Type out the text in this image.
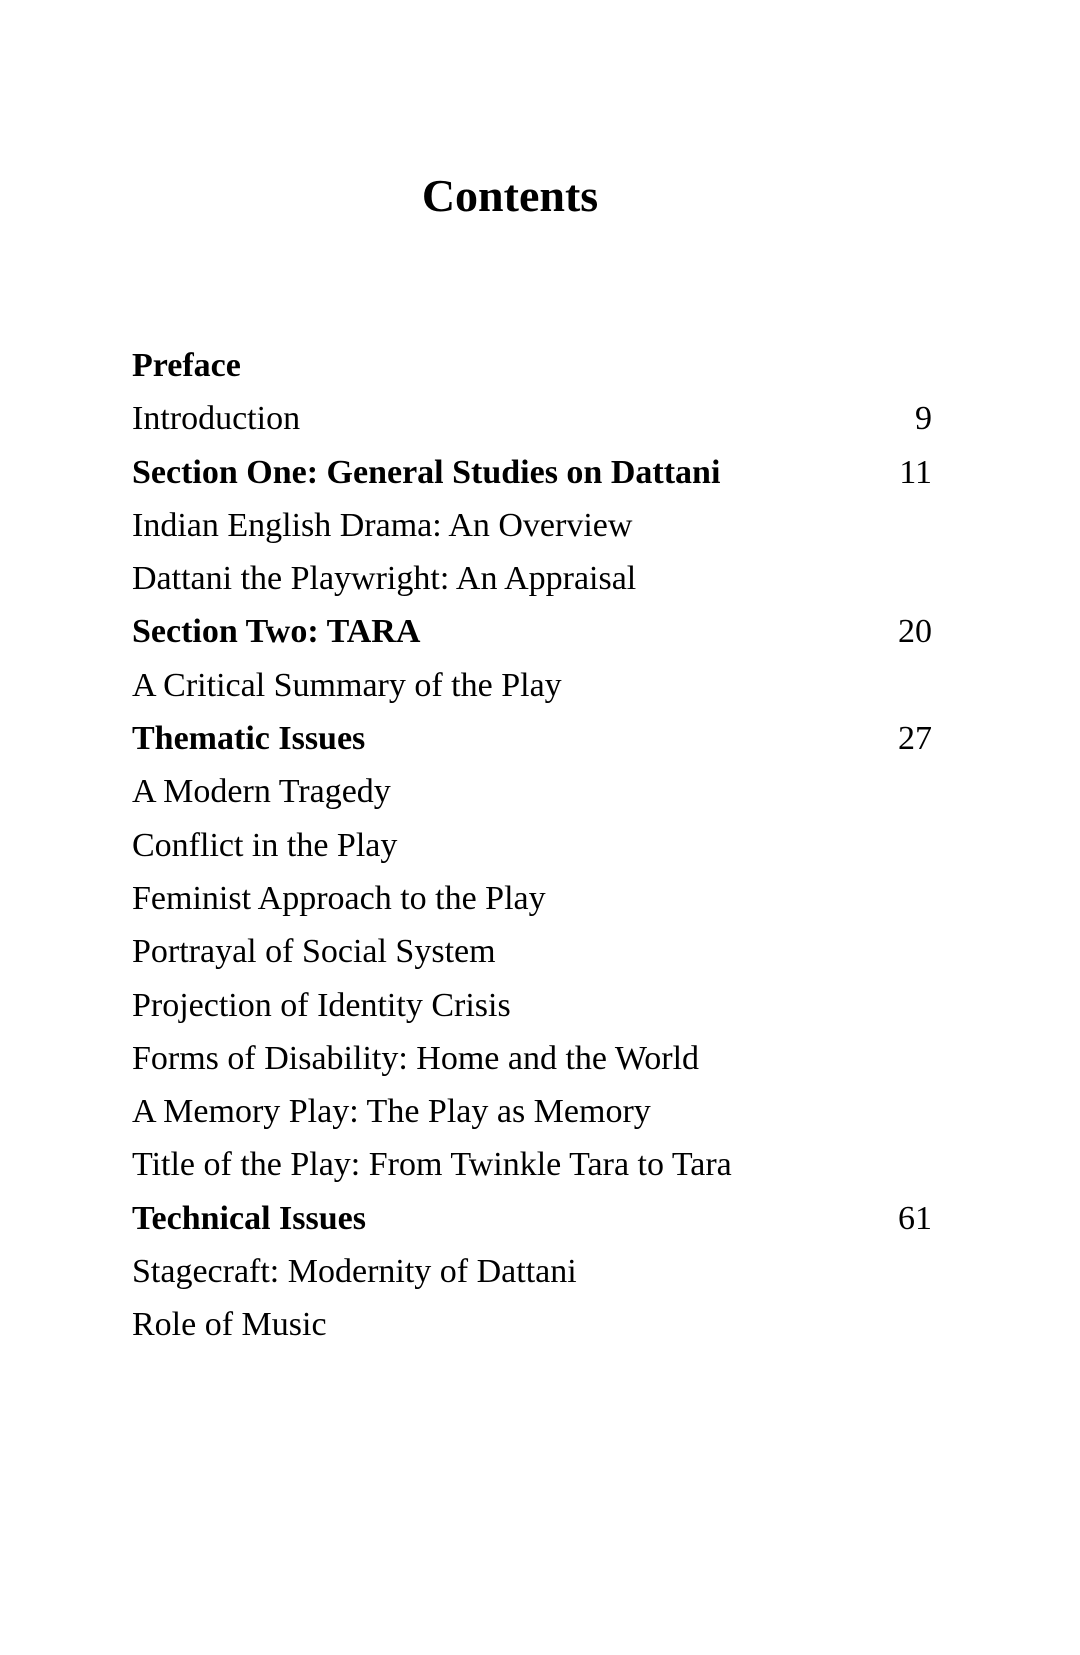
Contents
Preface
Introduction	9
Section One: General Studies on Dattani	11
Indian English Drama: An Overview
Dattani the Playwright: An Appraisal
Section Two: TARA	20
A Critical Summary of the Play
Thematic Issues	27
A Modern Tragedy
Conflict in the Play
Feminist Approach to the Play
Portrayal of Social System
Projection of Identity Crisis
Forms of Disability: Home and the World
A Memory Play: The Play as Memory
Title of the Play: From Twinkle Tara to Tara
Technical Issues	61
Stagecraft: Modernity of Dattani
Role of Music
